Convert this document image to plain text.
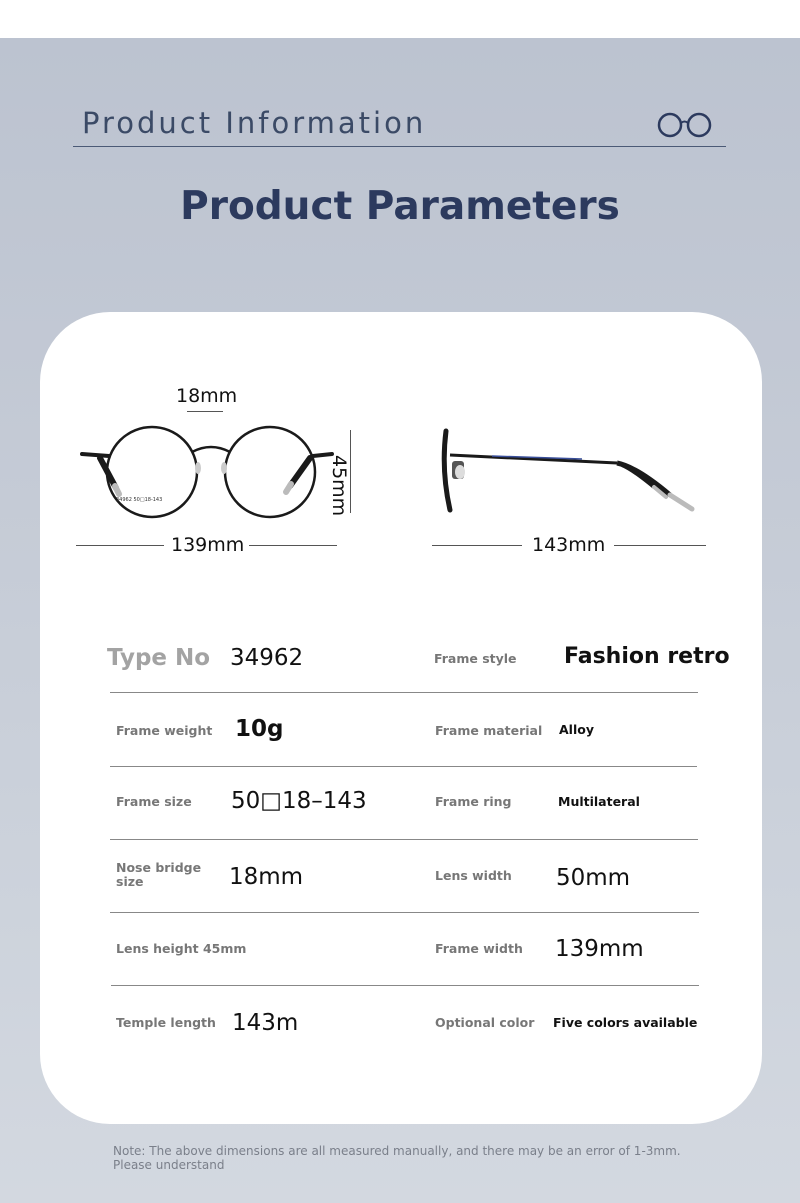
Product Information
Product Parameters
18mm
34962 50□18-143	45mm
139mm	143mm
Type No 34962	Frame style Fashion retro
Frame weight 10g	Frame material Alloy
Frame size 50□18–143	Frame ring	Multilateral
Nose bridge
size	18mm	Lens width 50mm
Lens height 45mm	Frame width 139mm
Temple length 143m	Optional color Five colors available
Note: The above dimensions are all measured manually, and there may be an error of 1-3mm.
Please understand
